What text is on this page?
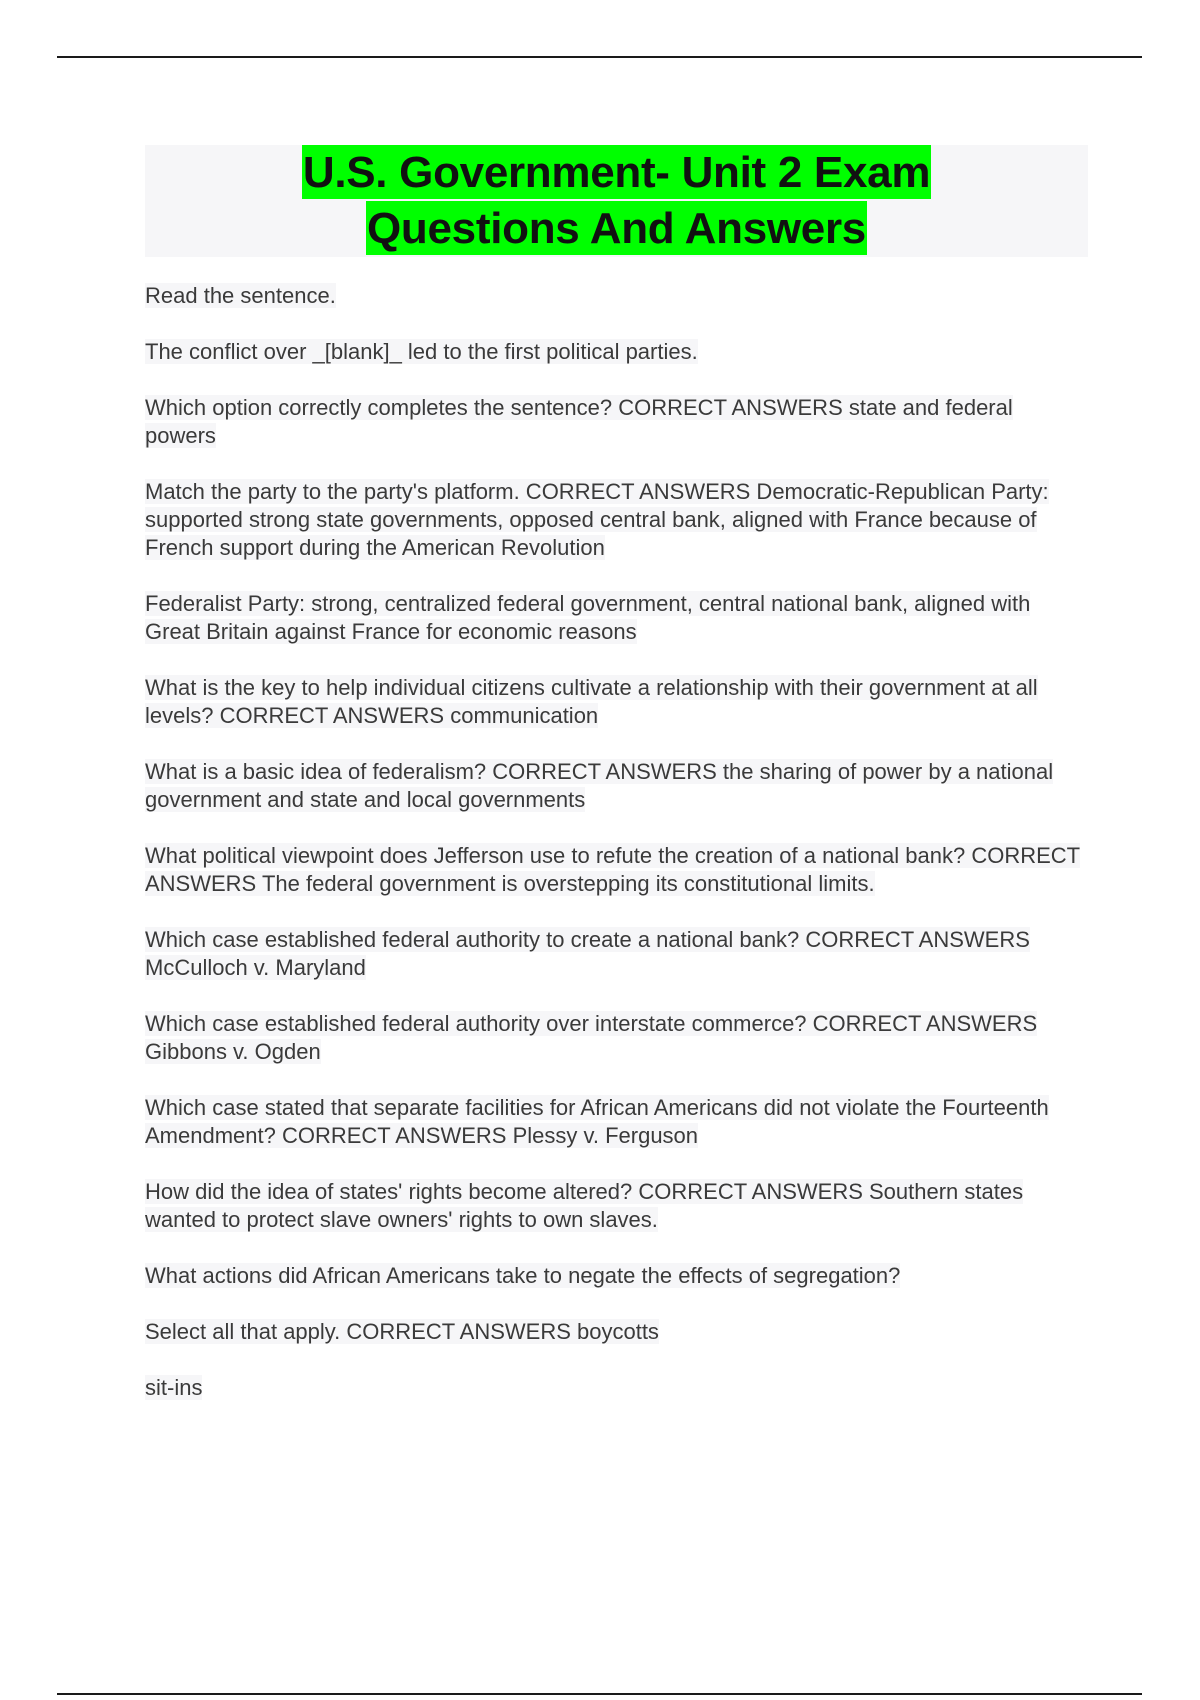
U.S. Government- Unit 2 Exam
Questions And Answers

Read the sentence.

The conflict over _[blank]_ led to the first political parties.

Which option correctly completes the sentence? CORRECT ANSWERS state and federal powers

Match the party to the party's platform. CORRECT ANSWERS Democratic-Republican Party: supported strong state governments, opposed central bank, aligned with France because of French support during the American Revolution

Federalist Party: strong, centralized federal government, central national bank, aligned with Great Britain against France for economic reasons

What is the key to help individual citizens cultivate a relationship with their government at all levels? CORRECT ANSWERS communication

What is a basic idea of federalism? CORRECT ANSWERS the sharing of power by a national government and state and local governments

What political viewpoint does Jefferson use to refute the creation of a national bank? CORRECT ANSWERS The federal government is overstepping its constitutional limits.

Which case established federal authority to create a national bank? CORRECT ANSWERS McCulloch v. Maryland

Which case established federal authority over interstate commerce? CORRECT ANSWERS Gibbons v. Ogden

Which case stated that separate facilities for African Americans did not violate the Fourteenth Amendment? CORRECT ANSWERS Plessy v. Ferguson

How did the idea of states' rights become altered? CORRECT ANSWERS Southern states wanted to protect slave owners' rights to own slaves.

What actions did African Americans take to negate the effects of segregation?

Select all that apply. CORRECT ANSWERS boycotts

sit-ins
